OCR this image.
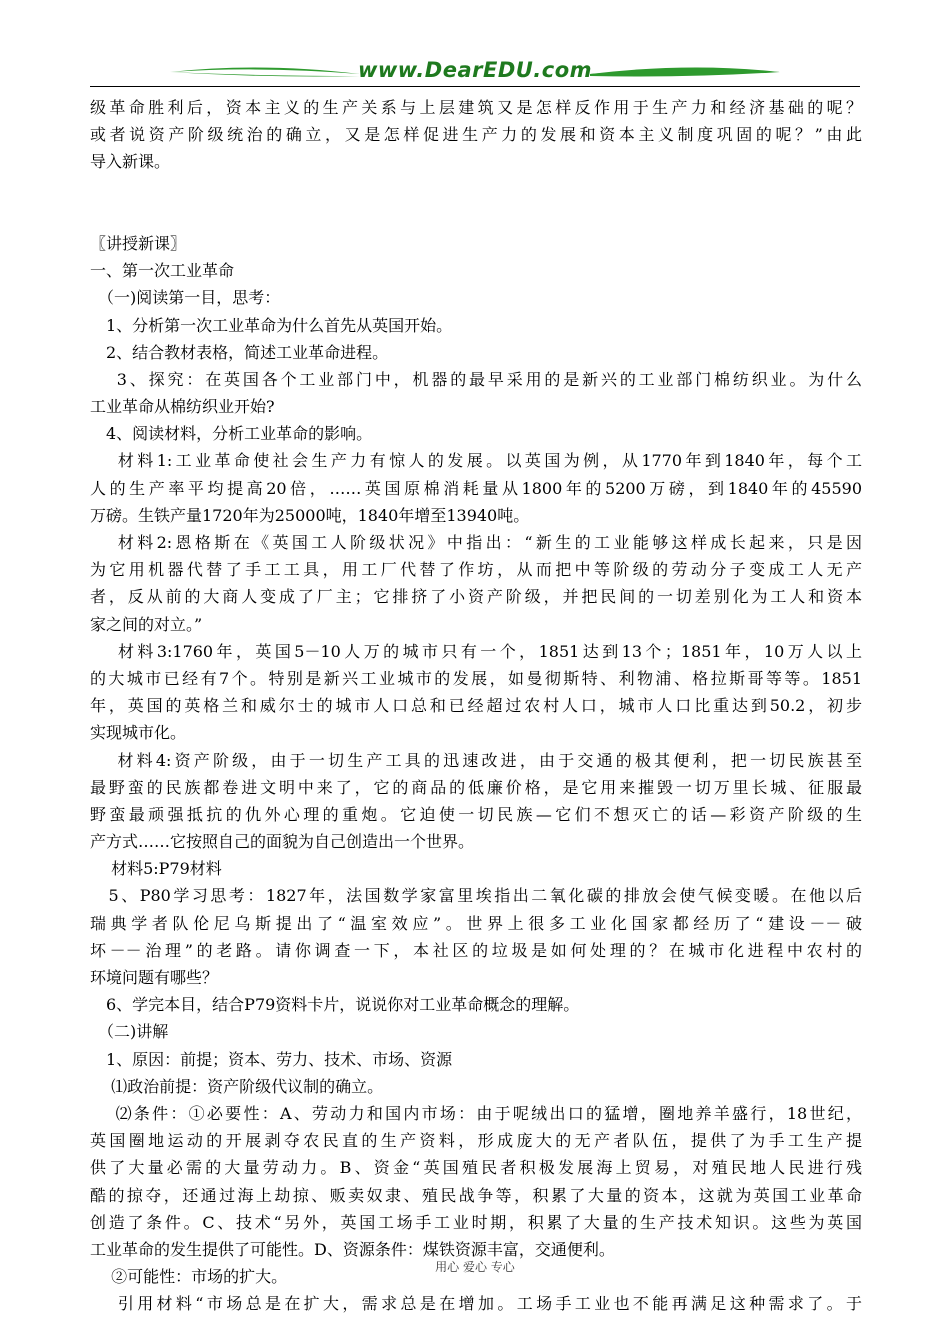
www.DearEDU.com
级革命胜利后，资本主义的生产关系与上层建筑又是怎样反作用于生产力和经济基础的呢？
或者说资产阶级统治的确立，又是怎样促进生产力的发展和资本主义制度巩固的呢？”由此
导入新课。
〖讲授新课〗
一、第一次工业革命
　（一)阅读第一目，思考：
　1、分析第一次工业革命为什么首先从英国开始。
　2、结合教材表格，简述工业革命进程。
　 3、探究：在英国各个工业部门中，机器的最早采用的是新兴的工业部门棉纺织业。为什么
工业革命从棉纺织业开始?
　4、阅读材料，分析工业革命的影响。
　 材料1:工业革命使社会生产力有惊人的发展。以英国为例，从1770年到1840年，每个工
人的生产率平均提高20倍，……英国原棉消耗量从1800年的5200万磅，到1840年的45590
万磅。生铁产量1720年为25000吨，1840年增至13940吨。
　 材料2:恩格斯在《英国工人阶级状况》中指出：“新生的工业能够这样成长起来，只是因
为它用机器代替了手工工具，用工厂代替了作坊，从而把中等阶级的劳动分子变成工人无产
者，反从前的大商人变成了厂主；它排挤了小资产阶级，并把民间的一切差别化为工人和资本
家之间的对立。”
　 材料3:1760年，英国5－10人万的城市只有一个，1851达到13个；1851年，10万人以上
的大城市已经有7个。特别是新兴工业城市的发展，如曼彻斯特、利物浦、格拉斯哥等等。1851
年，英国的英格兰和威尔士的城市人口总和已经超过农村人口，城市人口比重达到50.2，初步
实现城市化。
　 材料4:资产阶级，由于一切生产工具的迅速改进，由于交通的极其便利，把一切民族甚至
最野蛮的民族都卷进文明中来了，它的商品的低廉价格，是它用来摧毁一切万里长城、征服最
野蛮最顽强抵抗的仇外心理的重炮。它迫使一切民族—它们不想灭亡的话—彩资产阶级的生
产方式……它按照自己的面貌为自己创造出一个世界。
　 材料5:P79材料
　5、P80学习思考：1827年，法国数学家富里埃指出二氧化碳的排放会使气候变暖。在他以后
瑞典学者队伦尼乌斯提出了“温室效应”。世界上很多工业化国家都经历了“建设－－破
坏－－治理”的老路。请你调查一下，本社区的垃圾是如何处理的？在城市化进程中农村的
环境问题有哪些？
　6、学完本目，结合P79资料卡片，说说你对工业革命概念的理解。
　（二)讲解
　1、原因：前提；资本、劳力、技术、市场、资源
　 ⑴政治前提：资产阶级代议制的确立。
　 ⑵条件：①必要性：A、劳动力和国内市场：由于呢绒出口的猛增，圈地养羊盛行，18世纪，
英国圈地运动的开展剥夺农民直的生产资料，形成庞大的无产者队伍，提供了为手工生产提
供了大量必需的大量劳动力。B、资金“英国殖民者积极发展海上贸易，对殖民地人民进行残
酷的掠夺，还通过海上劫掠、贩卖奴隶、殖民战争等，积累了大量的资本，这就为英国工业革命
创造了条件。C、技术“另外，英国工场手工业时期，积累了大量的生产技术知识。这些为英国
工业革命的发生提供了可能性。D、资源条件：煤铁资源丰富，交通便利。
　 ②可能性：市场的扩大。
　 引用材料“市场总是在扩大，需求总是在增加。工场手工业也不能再满足这种需求了。于
用心 爱心 专心
